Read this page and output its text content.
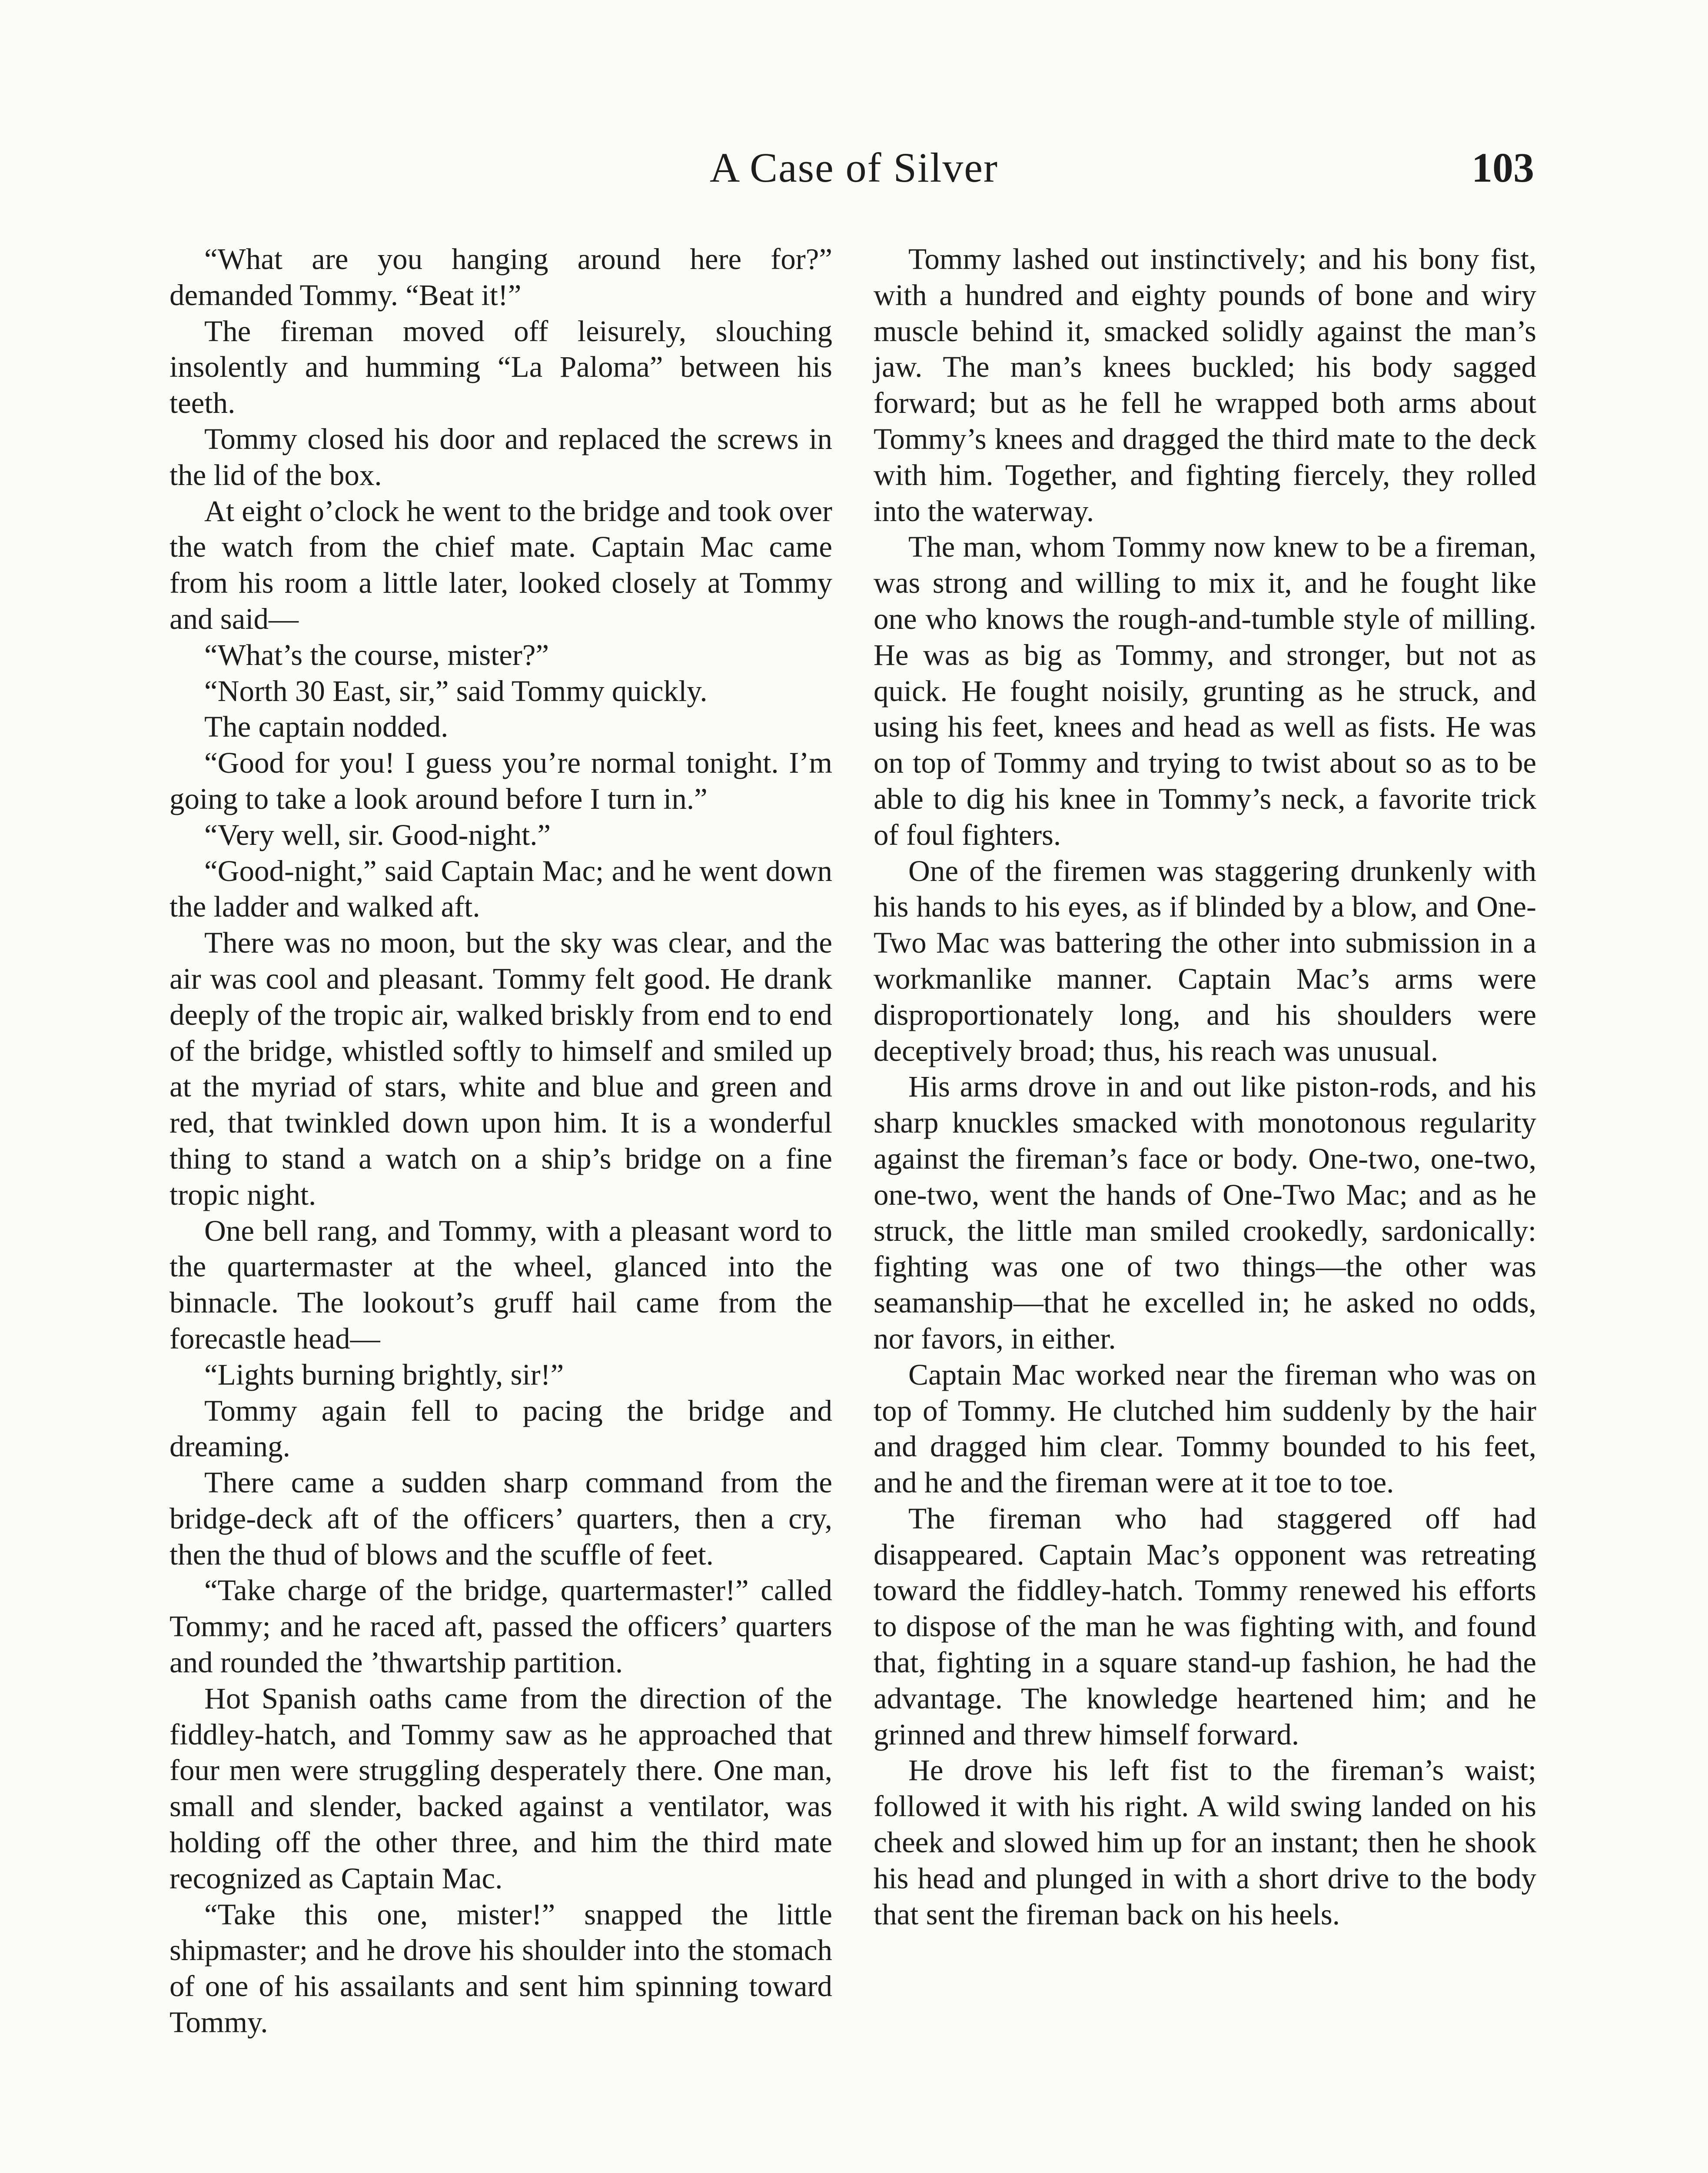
A Case of Silver	103

“What are you hanging around here for?” demanded Tommy. “Beat it!”

The fireman moved off leisurely, slouching insolently and humming “La Paloma” between his teeth.

Tommy closed his door and replaced the screws in the lid of the box.

At eight o’clock he went to the bridge and took over the watch from the chief mate. Captain Mac came from his room a little later, looked closely at Tommy and said—

“What’s the course, mister?”

“North 30 East, sir,” said Tommy quickly.

The captain nodded.

“Good for you! I guess you’re normal tonight. I’m going to take a look around before I turn in.”

“Very well, sir. Good-night.”

“Good-night,” said Captain Mac; and he went down the ladder and walked aft.

There was no moon, but the sky was clear, and the air was cool and pleasant. Tommy felt good. He drank deeply of the tropic air, walked briskly from end to end of the bridge, whistled softly to himself and smiled up at the myriad of stars, white and blue and green and red, that twinkled down upon him. It is a wonderful thing to stand a watch on a ship’s bridge on a fine tropic night.

One bell rang, and Tommy, with a pleasant word to the quartermaster at the wheel, glanced into the binnacle. The lookout’s gruff hail came from the forecastle head—

“Lights burning brightly, sir!”

Tommy again fell to pacing the bridge and dreaming.

There came a sudden sharp command from the bridge-deck aft of the officers’ quarters, then a cry, then the thud of blows and the scuffle of feet.

“Take charge of the bridge, quartermaster!” called Tommy; and he raced aft, passed the officers’ quarters and rounded the ’thwartship partition.

Hot Spanish oaths came from the direction of the fiddley-hatch, and Tommy saw as he approached that four men were struggling desperately there. One man, small and slender, backed against a ventilator, was holding off the other three, and him the third mate recognized as Captain Mac.

“Take this one, mister!” snapped the little shipmaster; and he drove his shoulder into the stomach of one of his assailants and sent him spinning toward Tommy.

Tommy lashed out instinctively; and his bony fist, with a hundred and eighty pounds of bone and wiry muscle behind it, smacked solidly against the man’s jaw. The man’s knees buckled; his body sagged forward; but as he fell he wrapped both arms about Tommy’s knees and dragged the third mate to the deck with him. Together, and fighting fiercely, they rolled into the waterway.

The man, whom Tommy now knew to be a fireman, was strong and willing to mix it, and he fought like one who knows the rough-and-tumble style of milling. He was as big as Tommy, and stronger, but not as quick. He fought noisily, grunting as he struck, and using his feet, knees and head as well as fists. He was on top of Tommy and trying to twist about so as to be able to dig his knee in Tommy’s neck, a favorite trick of foul fighters.

One of the firemen was staggering drunkenly with his hands to his eyes, as if blinded by a blow, and One-Two Mac was battering the other into submission in a workmanlike manner. Captain Mac’s arms were disproportionately long, and his shoulders were deceptively broad; thus, his reach was unusual.

His arms drove in and out like piston-rods, and his sharp knuckles smacked with monotonous regularity against the fireman’s face or body. One-two, one-two, one-two, went the hands of One-Two Mac; and as he struck, the little man smiled crookedly, sardonically: fighting was one of two things—the other was seamanship—that he excelled in; he asked no odds, nor favors, in either.

Captain Mac worked near the fireman who was on top of Tommy. He clutched him suddenly by the hair and dragged him clear. Tommy bounded to his feet, and he and the fireman were at it toe to toe.

The fireman who had staggered off had disappeared. Captain Mac’s opponent was retreating toward the fiddley-hatch. Tommy renewed his efforts to dispose of the man he was fighting with, and found that, fighting in a square stand-up fashion, he had the advantage. The knowledge heartened him; and he grinned and threw himself forward.

He drove his left fist to the fireman’s waist; followed it with his right. A wild swing landed on his cheek and slowed him up for an instant; then he shook his head and plunged in with a short drive to the body that sent the fireman back on his heels.
